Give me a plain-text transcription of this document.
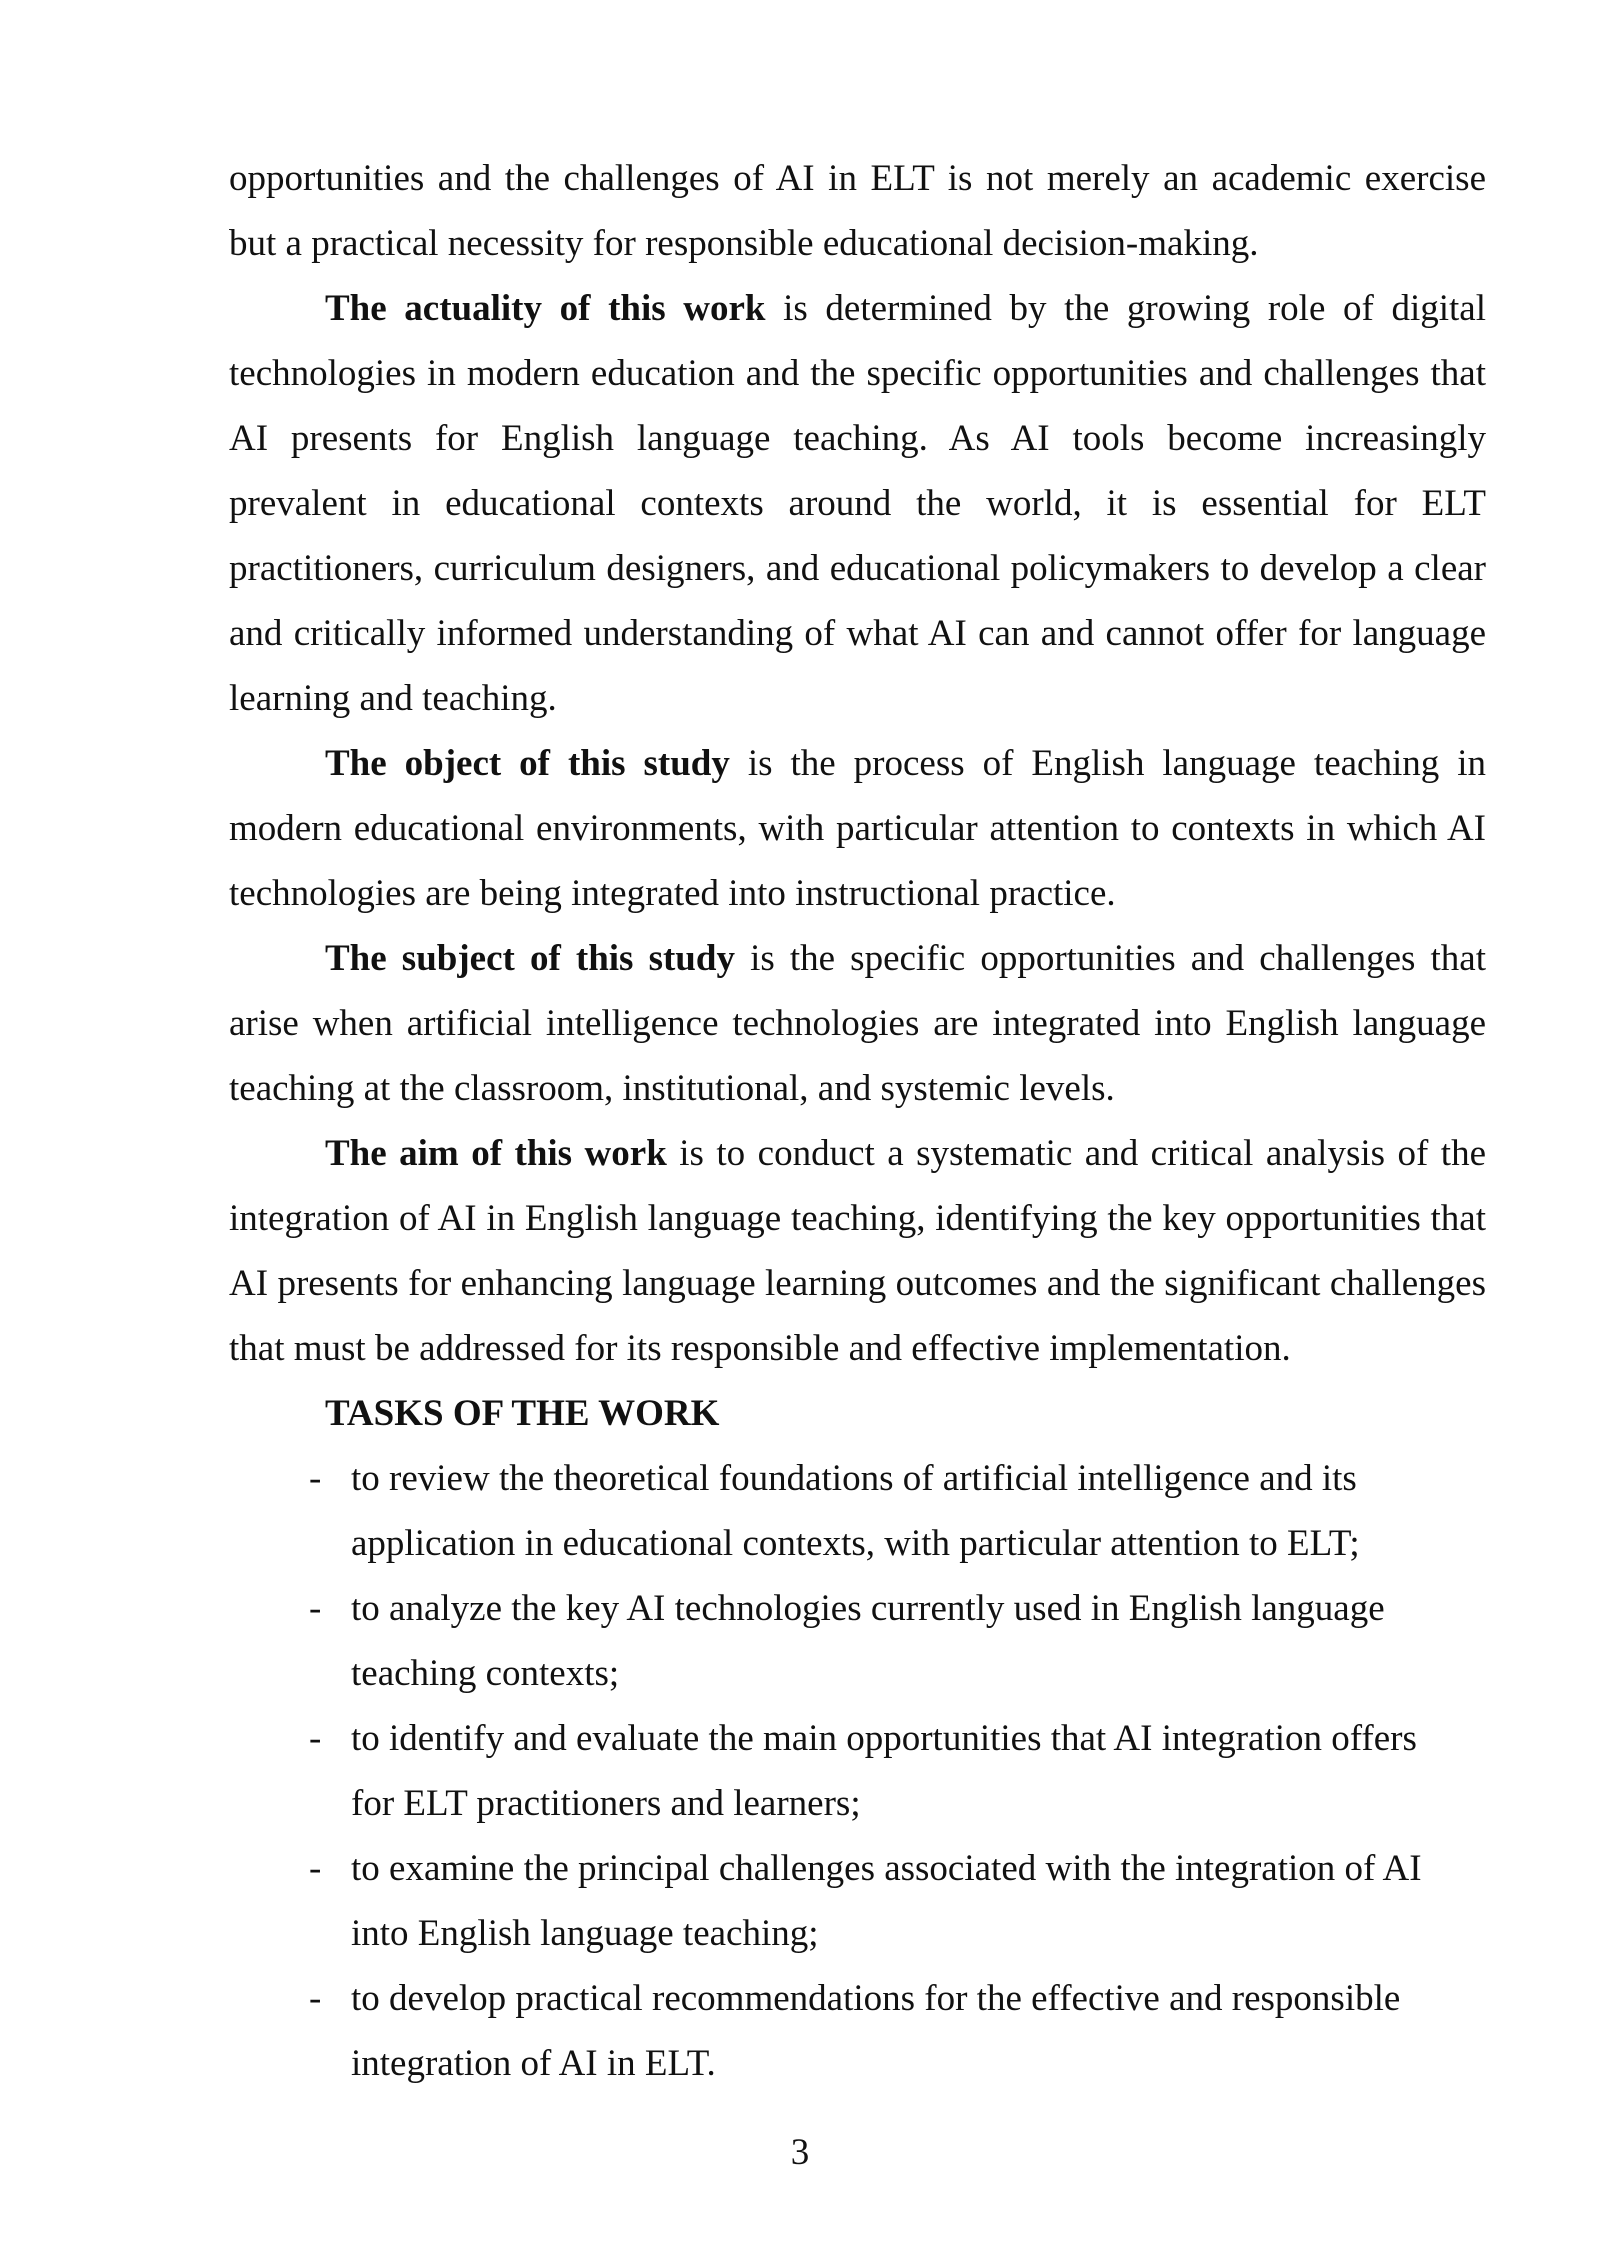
opportunities and the challenges of AI in ELT is not merely an academic exercise but a practical necessity for responsible educational decision-making.

The actuality of this work is determined by the growing role of digital technologies in modern education and the specific opportunities and challenges that AI presents for English language teaching. As AI tools become increasingly prevalent in educational contexts around the world, it is essential for ELT practitioners, curriculum designers, and educational policymakers to develop a clear and critically informed understanding of what AI can and cannot offer for language learning and teaching.

The object of this study is the process of English language teaching in modern educational environments, with particular attention to contexts in which AI technologies are being integrated into instructional practice.

The subject of this study is the specific opportunities and challenges that arise when artificial intelligence technologies are integrated into English language teaching at the classroom, institutional, and systemic levels.

The aim of this work is to conduct a systematic and critical analysis of the integration of AI in English language teaching, identifying the key opportunities that AI presents for enhancing language learning outcomes and the significant challenges that must be addressed for its responsible and effective implementation.

TASKS OF THE WORK

- to review the theoretical foundations of artificial intelligence and its application in educational contexts, with particular attention to ELT;
- to analyze the key AI technologies currently used in English language teaching contexts;
- to identify and evaluate the main opportunities that AI integration offers for ELT practitioners and learners;
- to examine the principal challenges associated with the integration of AI into English language teaching;
- to develop practical recommendations for the effective and responsible integration of AI in ELT.
3
